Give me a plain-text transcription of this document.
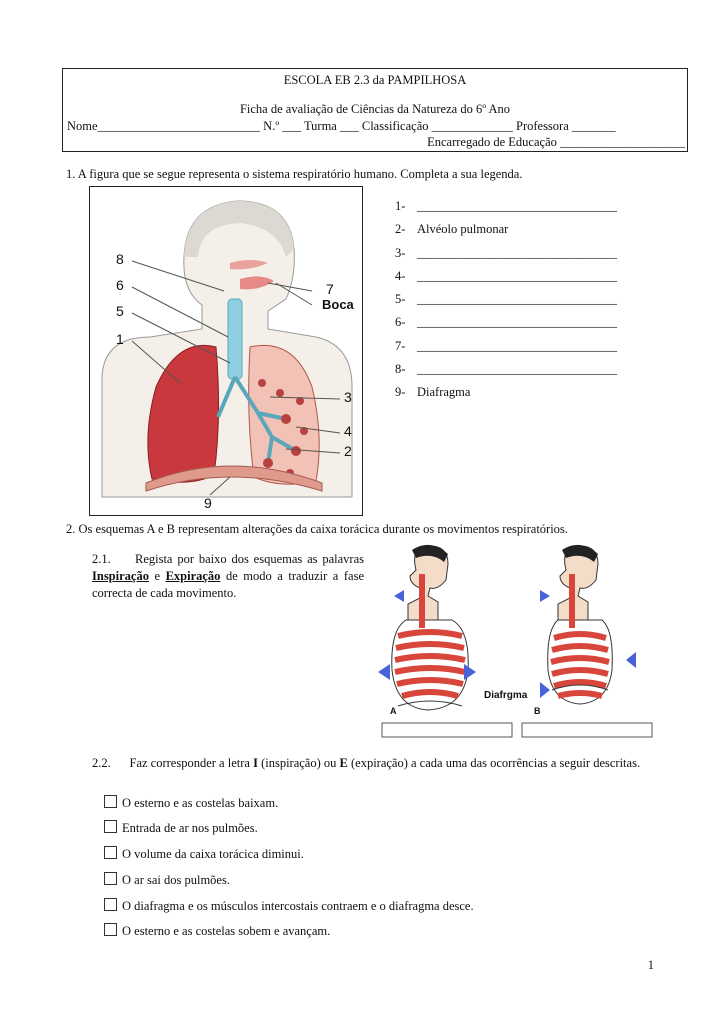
ESCOLA EB 2.3 da PAMPILHOSA
Ficha de avaliação de Ciências da Natureza do 6º Ano
Nome__________________________ N.º ___ Turma ___ Classificação _____________ Professora _______
Encarregado de Educação ____________________
1. A figura que se segue representa o sistema respiratório humano. Completa a sua legenda.
8
6
5
1
7
Boca
3
4
2
9
1- ________________________________
2- Alvéolo pulmonar
3- ________________________________
4- ________________________________
5- ________________________________
6- ________________________________
7- ________________________________
8- ________________________________
9- Diafragma
2. Os esquemas A e B representam alterações da caixa torácica durante os movimentos respiratórios.
2.1. Regista por baixo dos esquemas as palavras Inspiração e Expiração de modo a traduzir a fase correcta de cada movimento.
A	B
Diafrgma
2.2. Faz corresponder a letra I (inspiração) ou E (expiração) a cada uma das ocorrências a seguir descritas.
O esterno e as costelas baixam.
Entrada de ar nos pulmões.
O volume da caixa torácica diminui.
O ar sai dos pulmões.
O diafragma e os músculos intercostais contraem e o diafragma desce.
O esterno e as costelas sobem e avançam.
1
